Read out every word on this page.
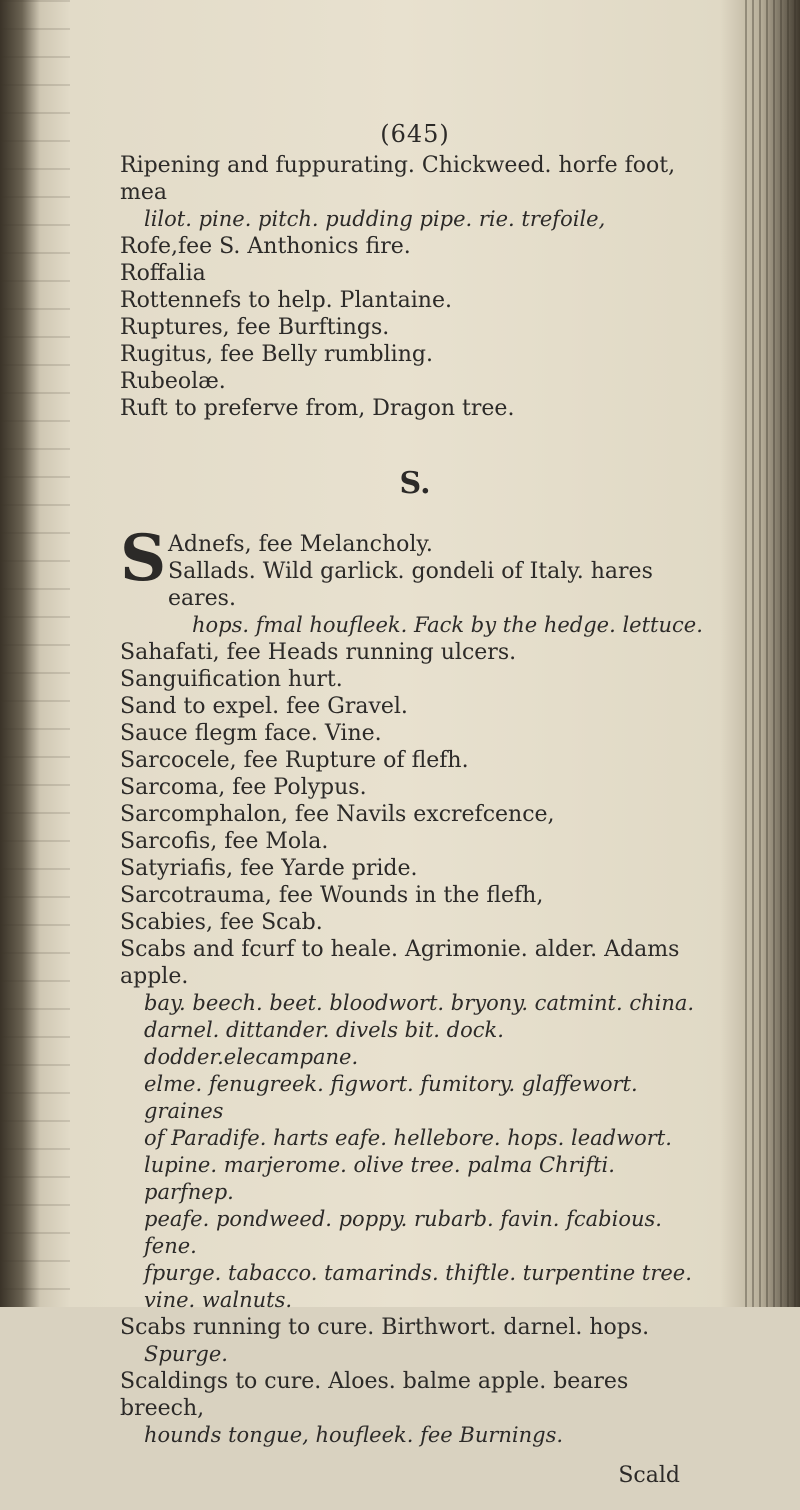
(645)

Ripening and fuppurating. Chickweed. horfe foot, mea

lilot. pine. pitch. pudding pipe. rie. trefoile,

Rofe,fee S. Anthonics fire.

Roffalia

Rottennefs to help. Plantaine.

Ruptures, fee Burftings.

Rugitus, fee Belly rumbling.

Rubeolæ.

Ruft to preferve from, Dragon tree.

S.

S Adnefs, fee Melancholy.

Sallads. Wild garlick. gondeli of Italy. hares eares.

hops. fmal houfleek. Fack by the hedge. lettuce.

Sahafati, fee Heads running ulcers.

Sanguification hurt.

Sand to expel. fee Gravel.

Sauce flegm face. Vine.

Sarcocele, fee Rupture of flefh.

Sarcoma, fee Polypus.

Sarcomphalon, fee Navils excrefcence,

Sarcofis, fee Mola.

Satyriafis, fee Yarde pride.

Sarcotrauma, fee Wounds in the flefh,

Scabies, fee Scab.

Scabs and fcurf to heale. Agrimonie. alder. Adams apple.

bay. beech. beet. bloodwort. bryony. catmint. china.

darnel. dittander. divels bit. dock. dodder.elecampane.

elme. fenugreek. figwort. fumitory. glaffewort. graines

of Paradife. harts eafe. hellebore. hops. leadwort.

lupine. marjerome. olive tree. palma Chrifti. parfnep.

peafe. pondweed. poppy. rubarb. favin. fcabious. fene.

fpurge. tabacco. tamarinds. thiftle. turpentine tree.

vine. walnuts.

Scabs running to cure. Birthwort. darnel. hops.

Spurge.

Scaldings to cure. Aloes. balme apple. beares breech,

hounds tongue, houfleek. fee Burnings.

Scald
